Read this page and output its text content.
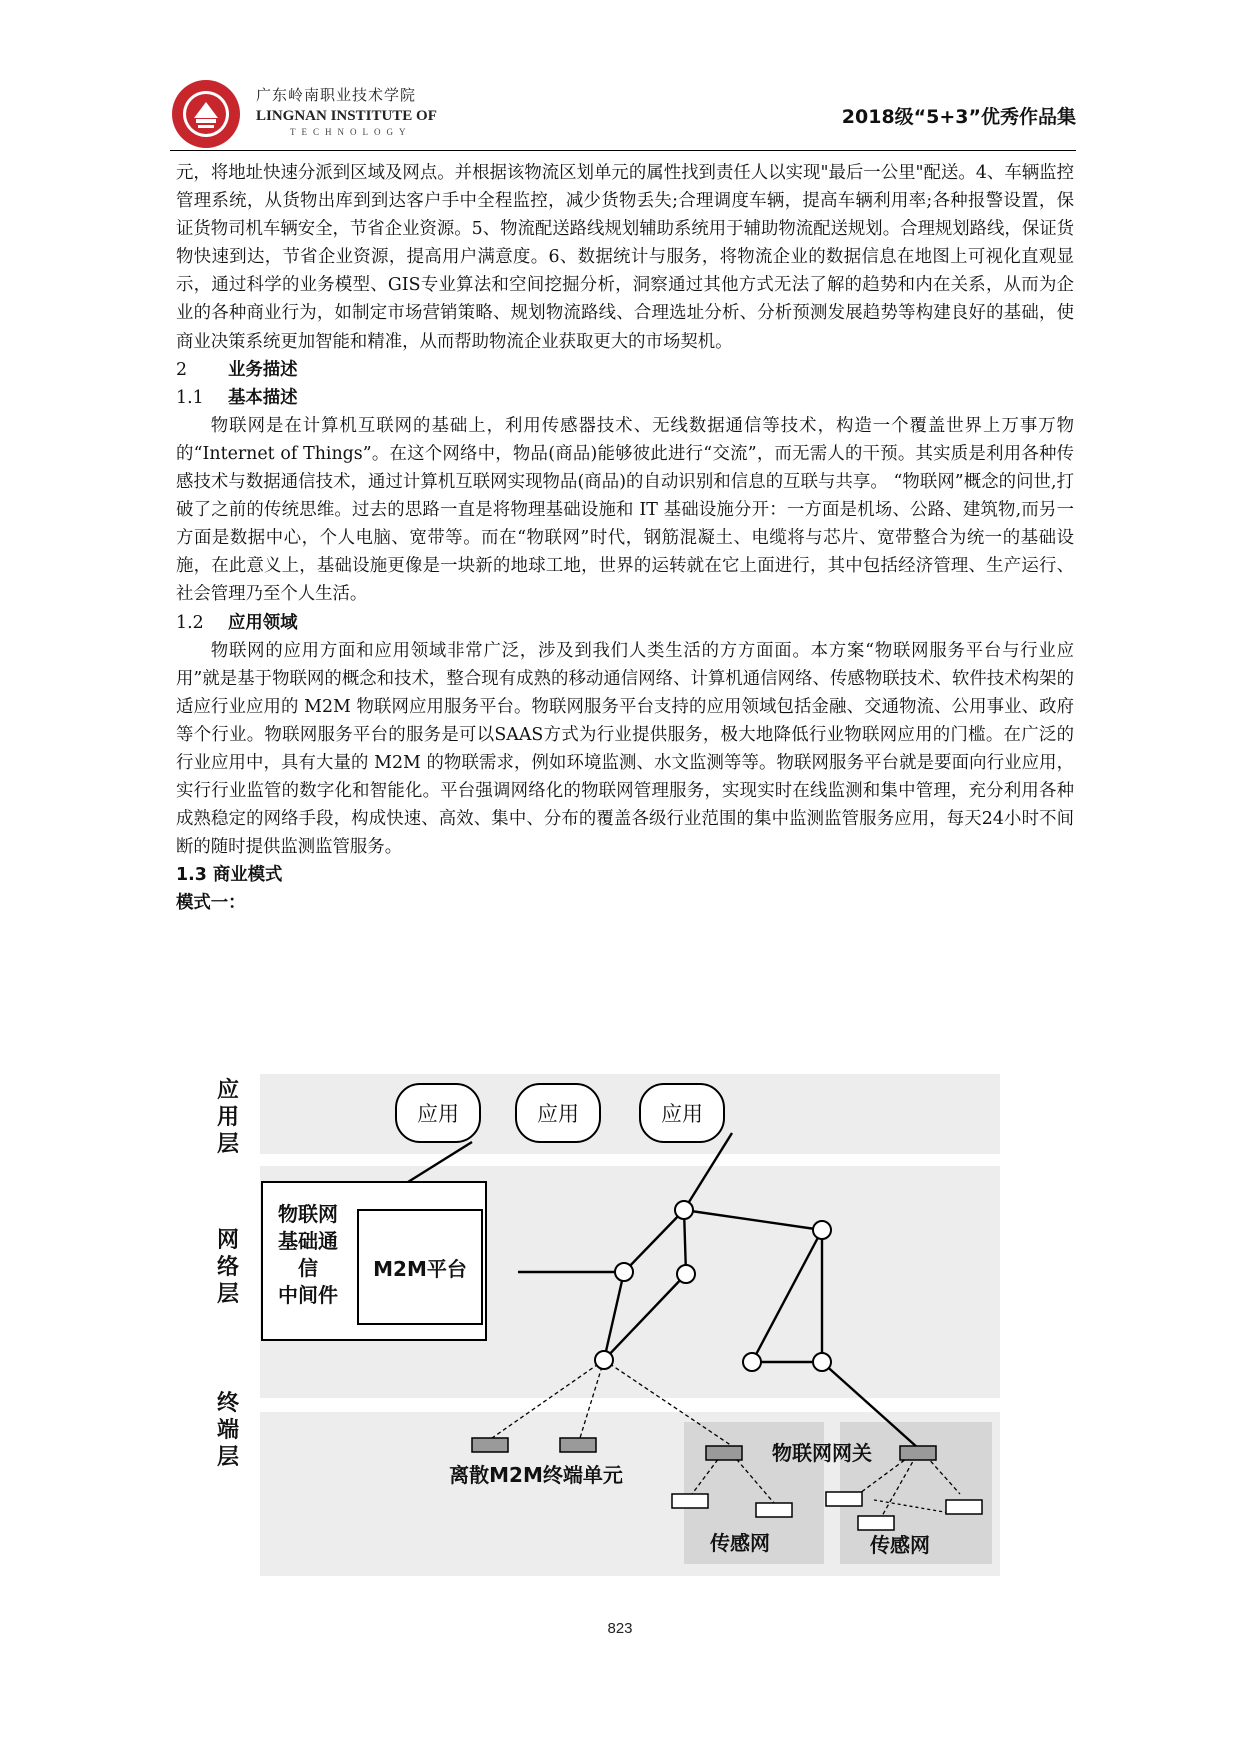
广东岭南职业技术学院
LINGNAN INSTITUTE OF
TECHNOLOGY
2018级“5+3”优秀作品集

元，将地址快速分派到区域及网点。并根据该物流区划单元的属性找到责任人以实现"最后一公里"配送。4、车辆监控管理系统，从货物出库到到达客户手中全程监控，减少货物丢失;合理调度车辆，提高车辆利用率;各种报警设置，保证货物司机车辆安全，节省企业资源。5、物流配送路线规划辅助系统用于辅助物流配送规划。合理规划路线，保证货物快速到达，节省企业资源，提高用户满意度。6、数据统计与服务，将物流企业的数据信息在地图上可视化直观显示，通过科学的业务模型、GIS专业算法和空间挖掘分析，洞察通过其他方式无法了解的趋势和内在关系，从而为企业的各种商业行为，如制定市场营销策略、规划物流路线、合理选址分析、分析预测发展趋势等构建良好的基础，使商业决策系统更加智能和精准，从而帮助物流企业获取更大的市场契机。

2 业务描述

1.1 基本描述

物联网是在计算机互联网的基础上，利用传感器技术、无线数据通信等技术，构造一个覆盖世界上万事万物的“Internet of Things”。在这个网络中，物品(商品)能够彼此进行“交流”，而无需人的干预。其实质是利用各种传感技术与数据通信技术，通过计算机互联网实现物品(商品)的自动识别和信息的互联与共享。 “物联网”概念的问世,打破了之前的传统思维。过去的思路一直是将物理基础设施和 IT 基础设施分开：一方面是机场、公路、建筑物,而另一方面是数据中心，个人电脑、宽带等。而在“物联网”时代，钢筋混凝土、电缆将与芯片、宽带整合为统一的基础设施，在此意义上，基础设施更像是一块新的地球工地，世界的运转就在它上面进行，其中包括经济管理、生产运行、社会管理乃至个人生活。

1.2 应用领域

物联网的应用方面和应用领域非常广泛，涉及到我们人类生活的方方面面。本方案“物联网服务平台与行业应用”就是基于物联网的概念和技术，整合现有成熟的移动通信网络、计算机通信网络、传感物联技术、软件技术构架的适应行业应用的 M2M 物联网应用服务平台。物联网服务平台支持的应用领域包括金融、交通物流、公用事业、政府等个行业。物联网服务平台的服务是可以SAAS方式为行业提供服务，极大地降低行业物联网应用的门槛。在广泛的行业应用中，具有大量的 M2M 的物联需求，例如环境监测、水文监测等等。物联网服务平台就是要面向行业应用，实行行业监管的数字化和智能化。平台强调网络化的物联网管理服务，实现实时在线监测和集中管理，充分利用各种成熟稳定的网络手段，构成快速、高效、集中、分布的覆盖各级行业范围的集中监测监管服务应用，每天24小时不间断的随时提供监测监管服务。

1.3 商业模式

模式一：

应
用
层
网
络
层
终
端
层
应用	应用	应用
物联网
基础通
信
中间件
M2M平台
离散M2M终端单元
物联网网关
传感网	传感网
823
